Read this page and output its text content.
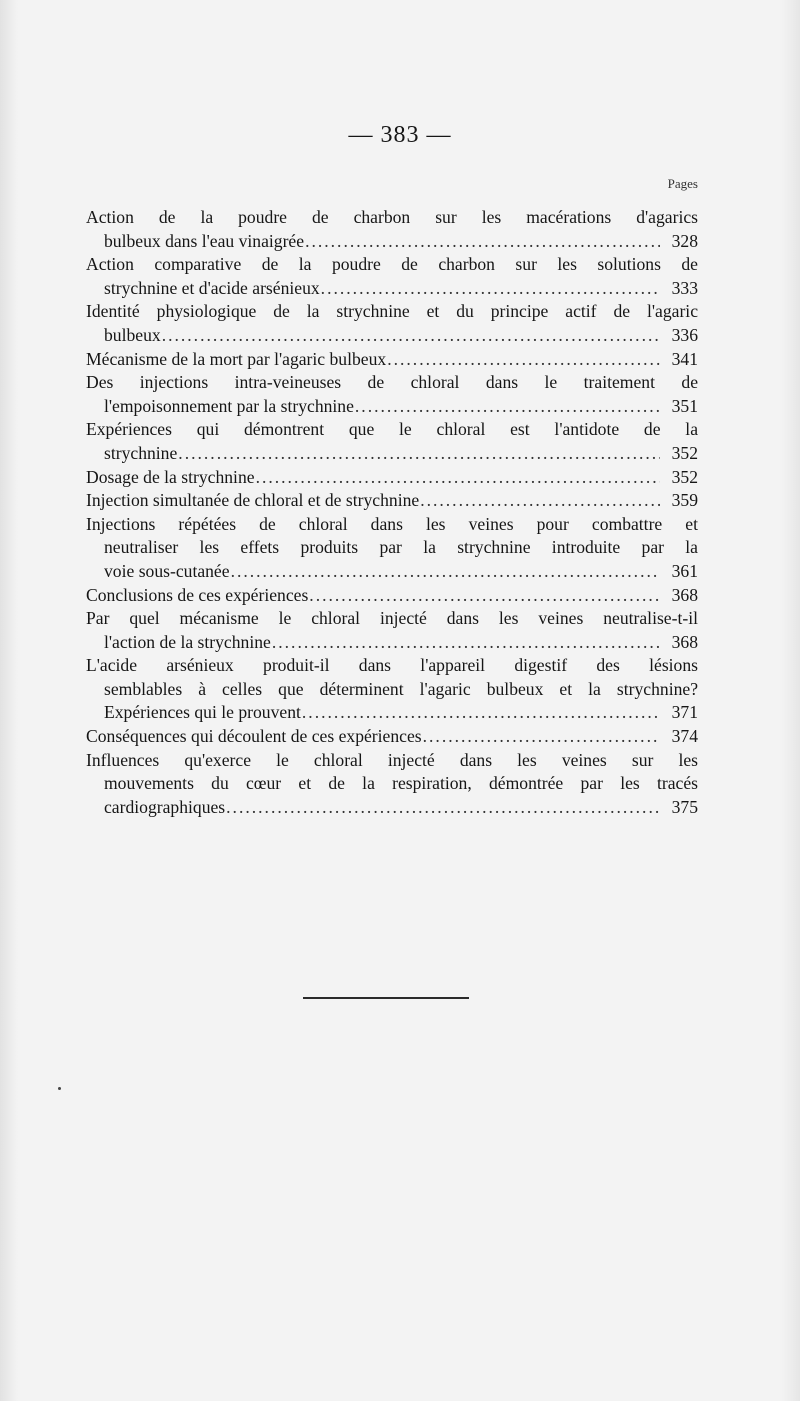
— 383 —
Pages
Action de la poudre de charbon sur les macérations d'agarics
bulbeux dans l'eau vinaigrée .....	328
Action comparative de la poudre de charbon sur les solutions de
strychnine et d'acide arsénieux .....	333
Identité physiologique de la strychnine et du principe actif de l'agaric
bulbeux .....	336
Mécanisme de la mort par l'agaric bulbeux .....	341
Des injections intra-veineuses de chloral dans le traitement de
l'empoisonnement par la strychnine .....	351
Expériences qui démontrent que le chloral est l'antidote de la
strychnine .....	352
Dosage de la strychnine .....	352
Injection simultanée de chloral et de strychnine .....	359
Injections répétées de chloral dans les veines pour combattre et
neutraliser les effets produits par la strychnine introduite par la
voie sous-cutanée .....	361
Conclusions de ces expériences .....	368
Par quel mécanisme le chloral injecté dans les veines neutralise-t-il
l'action de la strychnine .....	368
L'acide arsénieux produit-il dans l'appareil digestif des lésions
semblables à celles que déterminent l'agaric bulbeux et la strychnine?
Expériences qui le prouvent .....	371
Conséquences qui découlent de ces expériences .....	374
Influences qu'exerce le chloral injecté dans les veines sur les
mouvements du cœur et de la respiration, démontrée par les tracés
cardiographiques .....	375
